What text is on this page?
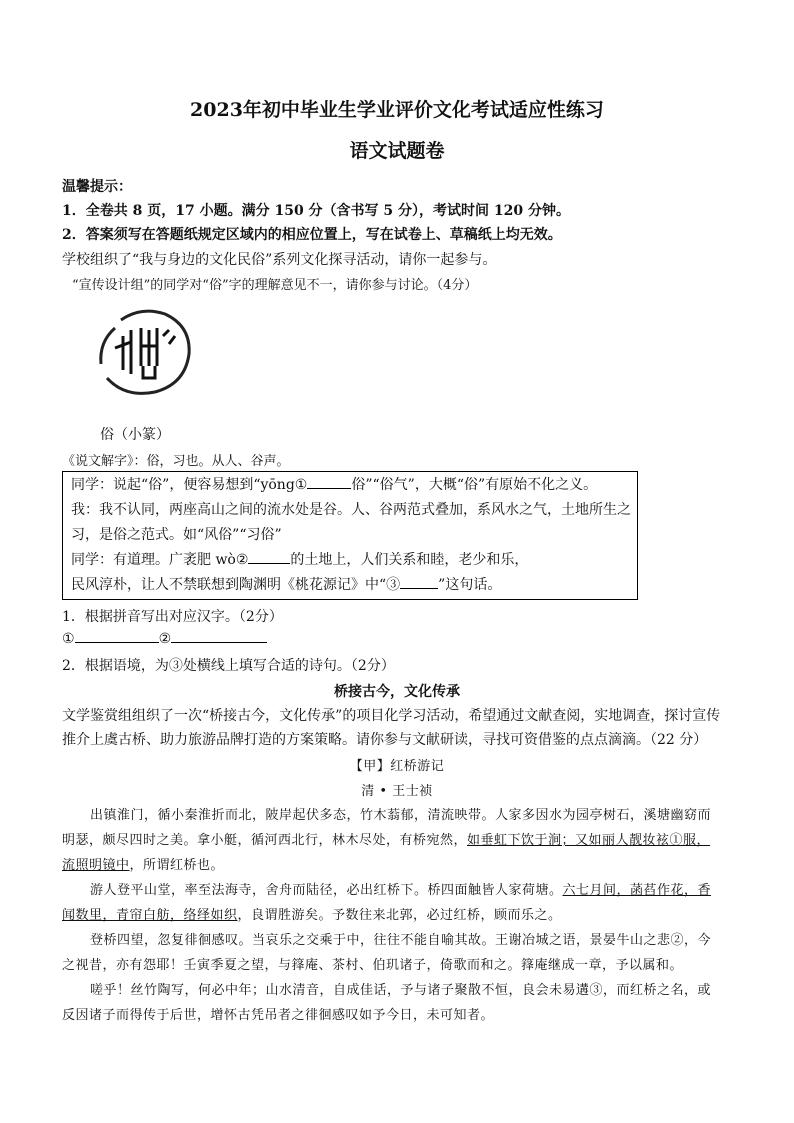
2023年初中毕业生学业评价文化考试适应性练习
语文试题卷
温馨提示：
1．全卷共 8 页，17 小题。满分 150 分（含书写 5 分），考试时间 120 分钟。
2．答案须写在答题纸规定区域内的相应位置上，写在试卷上、草稿纸上均无效。
学校组织了“我与身边的文化民俗”系列文化探寻活动，请你一起参与。
“宣传设计组”的同学对“俗”字的理解意见不一，请你参与讨论。（4分）
俗（小篆）
《说文解字》：俗，习也。从人、谷声。
同学：说起“俗”，便容易想到“yōng①	俗”“俗气”，大概“俗”有原始不化之义。
我：我不认同，两座高山之间的流水处是谷。人、谷两范式叠加，系风水之气，土地所生之
习，是俗之范式。如“风俗”“习俗”
同学：有道理。广袤肥 wò②	的土地上，人们关系和睦，老少和乐，
民风淳朴，让人不禁联想到陶渊明《桃花源记》中“③	”这句话。
1．根据拼音写出对应汉字。（2分）
①	②
2．根据语境，为③处横线上填写合适的诗句。（2分）
桥接古今，文化传承
文学鉴赏组组织了一次“桥接古今，文化传承”的项目化学习活动，希望通过文献查阅，实地调查，探讨宣传
推介上虞古桥、助力旅游品牌打造的方案策略。请你参与文献研读，寻找可资借鉴的点点滴滴。（22 分）
【甲】红桥游记
清 • 王士祯
出镇淮门，循小秦淮折而北，陂岸起伏多态，竹木蓊郁，清流映带。人家多因水为园亭树石，溪塘幽窈而
明瑟，颇尽四时之美。拿小艇，循河西北行，林木尽处，有桥宛然，如垂虹下饮于涧；又如丽人靓妆袨①服，
流照明镜中，所谓红桥也。
游人登平山堂，率至法海寺，舍舟而陆径，必出红桥下。桥四面触皆人家荷塘。六七月间，菡萏作花，香
闻数里，青帘白舫，络绎如织，良谓胜游矣。予数往来北郭，必过红桥，顾而乐之。
登桥四望，忽复徘徊感叹。当哀乐之交乘于中，往往不能自喻其故。王谢冶城之语，景晏牛山之悲②，今
之视昔，亦有怨耶！壬寅季夏之望，与箨庵、茶村、伯玑诸子，倚歌而和之。箨庵继成一章，予以属和。
嗟乎！丝竹陶写，何必中年；山水清音，自成佳话，予与诸子聚散不恒，良会未易遘③，而红桥之名，或
反因诸子而得传于后世，增怀古凭吊者之徘徊感叹如予今日，未可知者。
